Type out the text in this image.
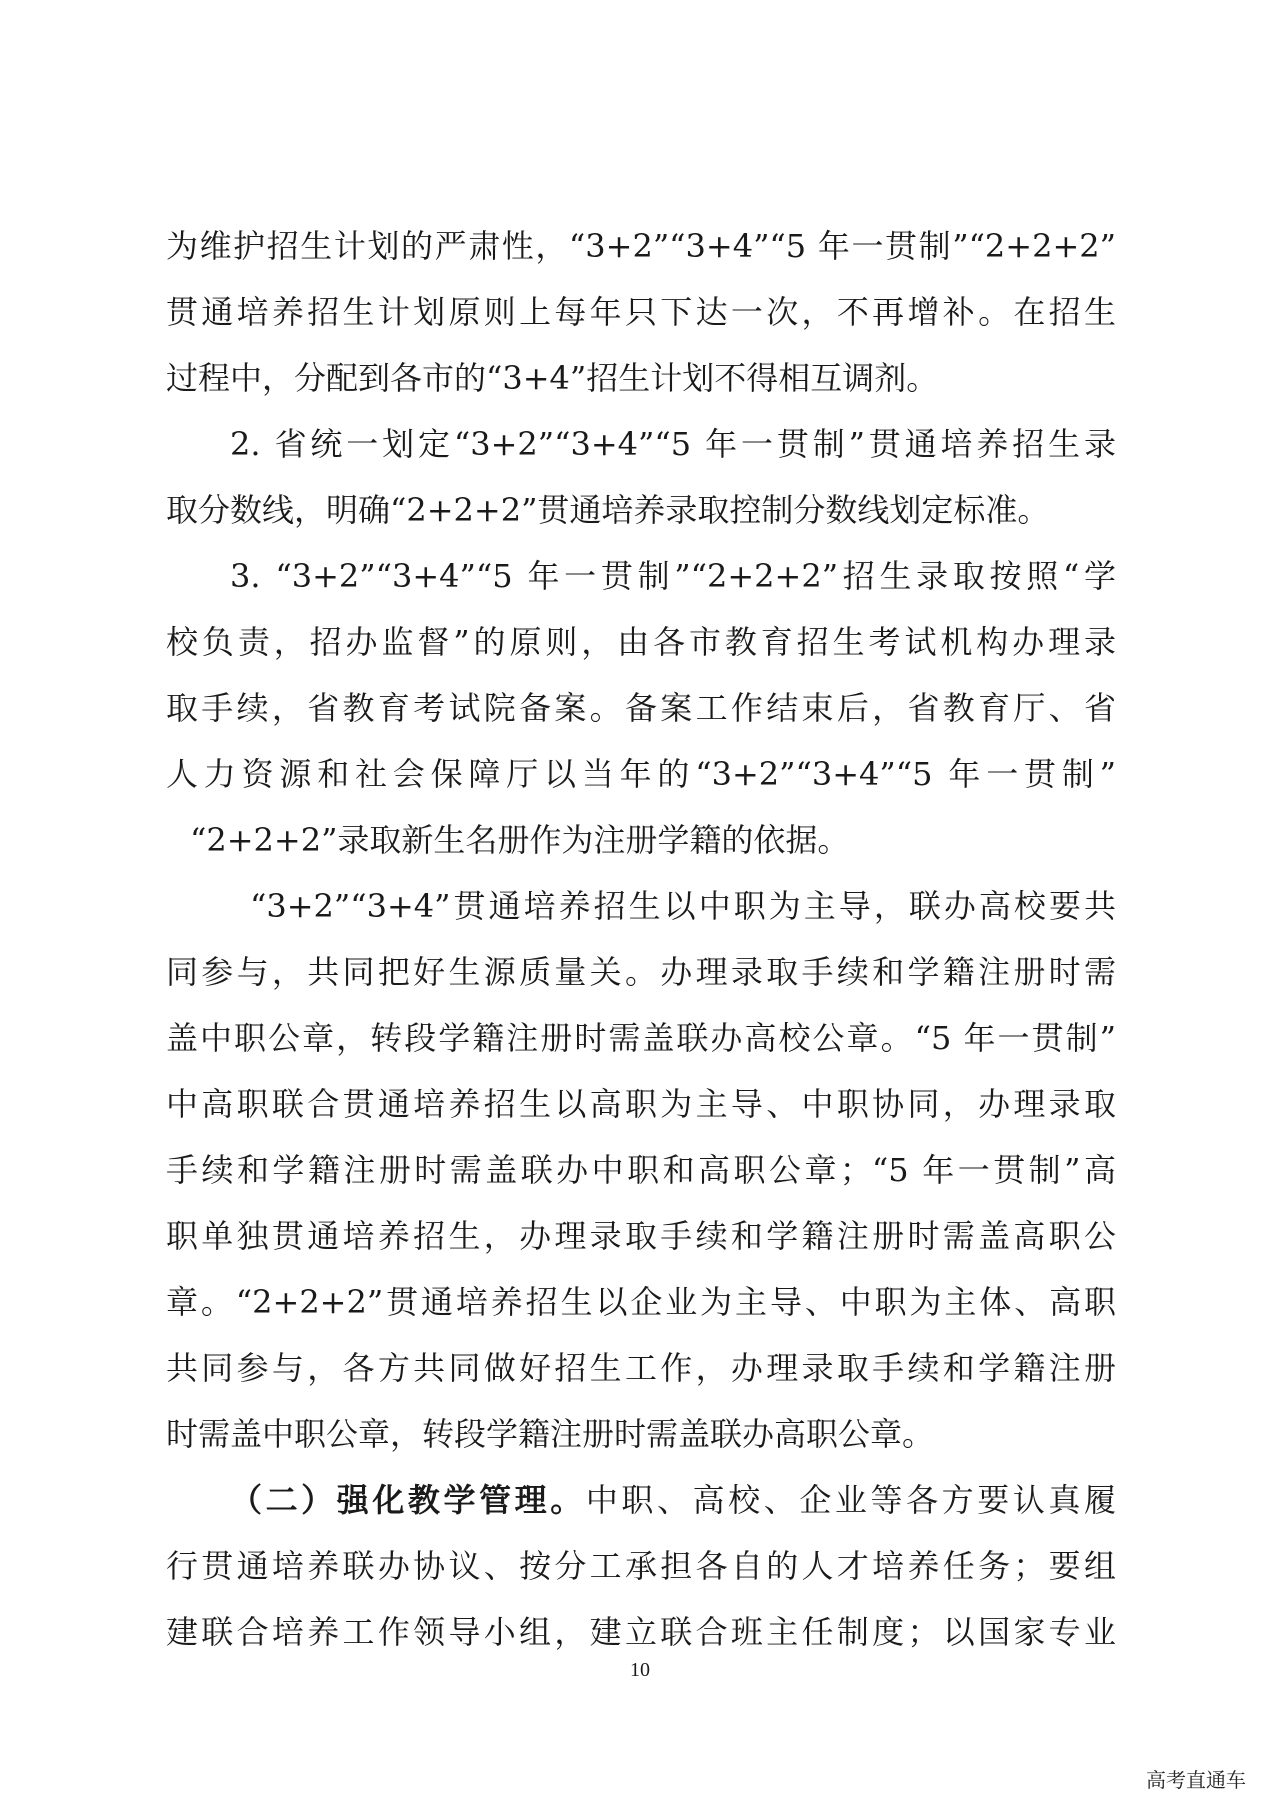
为维护招生计划的严肃性，“3+2”“3+4”“5 年一贯制”“2+2+2”
贯通培养招生计划原则上每年只下达一次，不再增补。在招生
过程中，分配到各市的“3+4”招生计划不得相互调剂。
2. 省统一划定“3+2”“3+4”“5 年一贯制”贯通培养招生录
取分数线，明确“2+2+2”贯通培养录取控制分数线划定标准。
3. “3+2”“3+4”“5 年一贯制”“2+2+2”招生录取按照“学
校负责，招办监督”的原则，由各市教育招生考试机构办理录
取手续，省教育考试院备案。备案工作结束后，省教育厅、省
人力资源和社会保障厅以当年的“3+2”“3+4”“5 年一贯制”
“2+2+2”录取新生名册作为注册学籍的依据。
“3+2”“3+4”贯通培养招生以中职为主导，联办高校要共
同参与，共同把好生源质量关。办理录取手续和学籍注册时需
盖中职公章，转段学籍注册时需盖联办高校公章。“5 年一贯制”
中高职联合贯通培养招生以高职为主导、中职协同，办理录取
手续和学籍注册时需盖联办中职和高职公章；“5 年一贯制”高
职单独贯通培养招生，办理录取手续和学籍注册时需盖高职公
章。“2+2+2”贯通培养招生以企业为主导、中职为主体、高职
共同参与，各方共同做好招生工作，办理录取手续和学籍注册
时需盖中职公章，转段学籍注册时需盖联办高职公章。
（二）强化教学管理。中职、高校、企业等各方要认真履
行贯通培养联办协议、按分工承担各自的人才培养任务；要组
建联合培养工作领导小组，建立联合班主任制度；以国家专业
10
高考直通车
